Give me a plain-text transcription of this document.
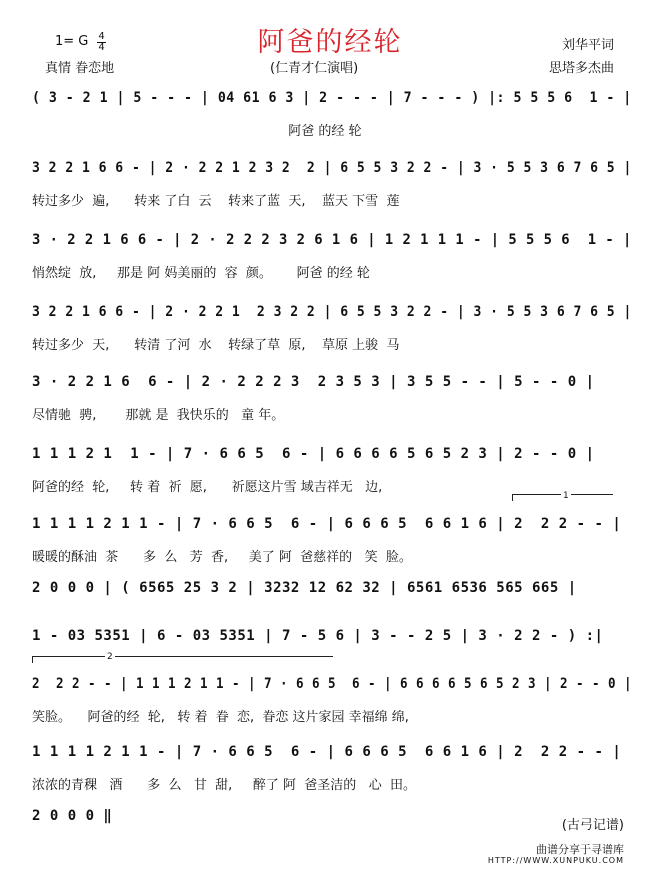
阿爸的经轮
1= G 4
4
真情 眷恋地	(仁青才仁演唱)
刘华平词
思塔多杰曲
( 3 - 2 1 | 5 - - - | 04 61 6 3 | 2 - - - | 7 - - - ) |: 5 5 5 6  1 - |
阿爸 的经 轮
3 2 2 1 6 6 - | 2 · 2 2 1 2 3 2  2 | 6 5 5 3 2 2 - | 3 · 5 5 3 6 7 6 5 |
转过多少  遍,      转来 了白  云    转来了蓝  天,    蓝天 下雪  莲
3 · 2 2 1 6 6 - | 2 · 2 2 2 3 2 6 1 6 | 1 2 1 1 1 - | 5 5 5 6  1 - |
悄然绽  放,     那是 阿 妈美丽的  容  颜。      阿爸 的经 轮
3 2 2 1 6 6 - | 2 · 2 2 1  2 3 2 2 | 6 5 5 3 2 2 - | 3 · 5 5 3 6 7 6 5 |
转过多少  天,      转清 了河  水    转绿了草  原,    草原 上骏  马
3 · 2 2 1 6  6 - | 2 · 2 2 2 3  2 3 5 3 | 3 5 5 - - | 5 - - 0 |
尽情驰  骋,       那就 是  我快乐的   童 年。
1 1 1 2 1  1 - | 7 · 6 6 5  6 - | 6 6 6 6 5 6 5 2 3 | 2 - - 0 |
阿爸的经  轮,     转 着  祈  愿,      祈愿这片雪 域吉祥无   边,
1 1 1 1 2 1 1 - | 7 · 6 6 5  6 - | 6 6 6 5  6 6 1 6 | 2  2 2 - - |
暖暖的酥油  茶      多  么   芳  香,     美了 阿  爸慈祥的   笑  脸。
2 0 0 0 | ( 6565 25 3 2 | 3232 12 62 32 | 6561 6536 565 665 |
1 - 03 5351 | 6 - 03 5351 | 7 - 5 6 | 3 - - 2 5 | 3 · 2 2 - ) :|
2  2 2 - - | 1 1 1 2 1 1 - | 7 · 6 6 5  6 - | 6 6 6 6 5 6 5 2 3 | 2 - - 0 |
笑脸。    阿爸的经  轮,   转 着  眷  恋,  眷恋 这片家园 幸福绵 绵,
1 1 1 1 2 1 1 - | 7 · 6 6 5  6 - | 6 6 6 5  6 6 1 6 | 2  2 2 - - |
浓浓的青稞   酒      多  么   甘  甜,     醉了 阿  爸圣洁的   心  田。
2 0 0 0 ‖
1
2
(古弓记谱)
曲谱分享于寻谱库
HTTP://WWW.XUNPUKU.COM
